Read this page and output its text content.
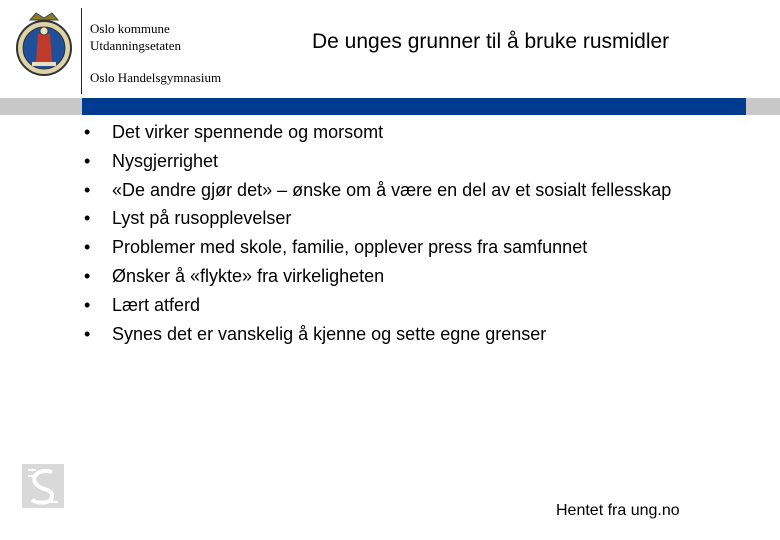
Oslo kommune
Utdanningsetaten
Oslo Handelsgymnasium
De unges grunner til å bruke rusmidler
• Det virker spennende og morsomt
• Nysgjerrighet
• «De andre gjør det» – ønske om å være en del av et sosialt fellesskap
• Lyst på rusopplevelser
• Problemer med skole, familie, opplever press fra samfunnet
• Ønsker å «flykte» fra virkeligheten
• Lært atferd
• Synes det er vanskelig å kjenne og sette egne grenser
Hentet fra ung.no
